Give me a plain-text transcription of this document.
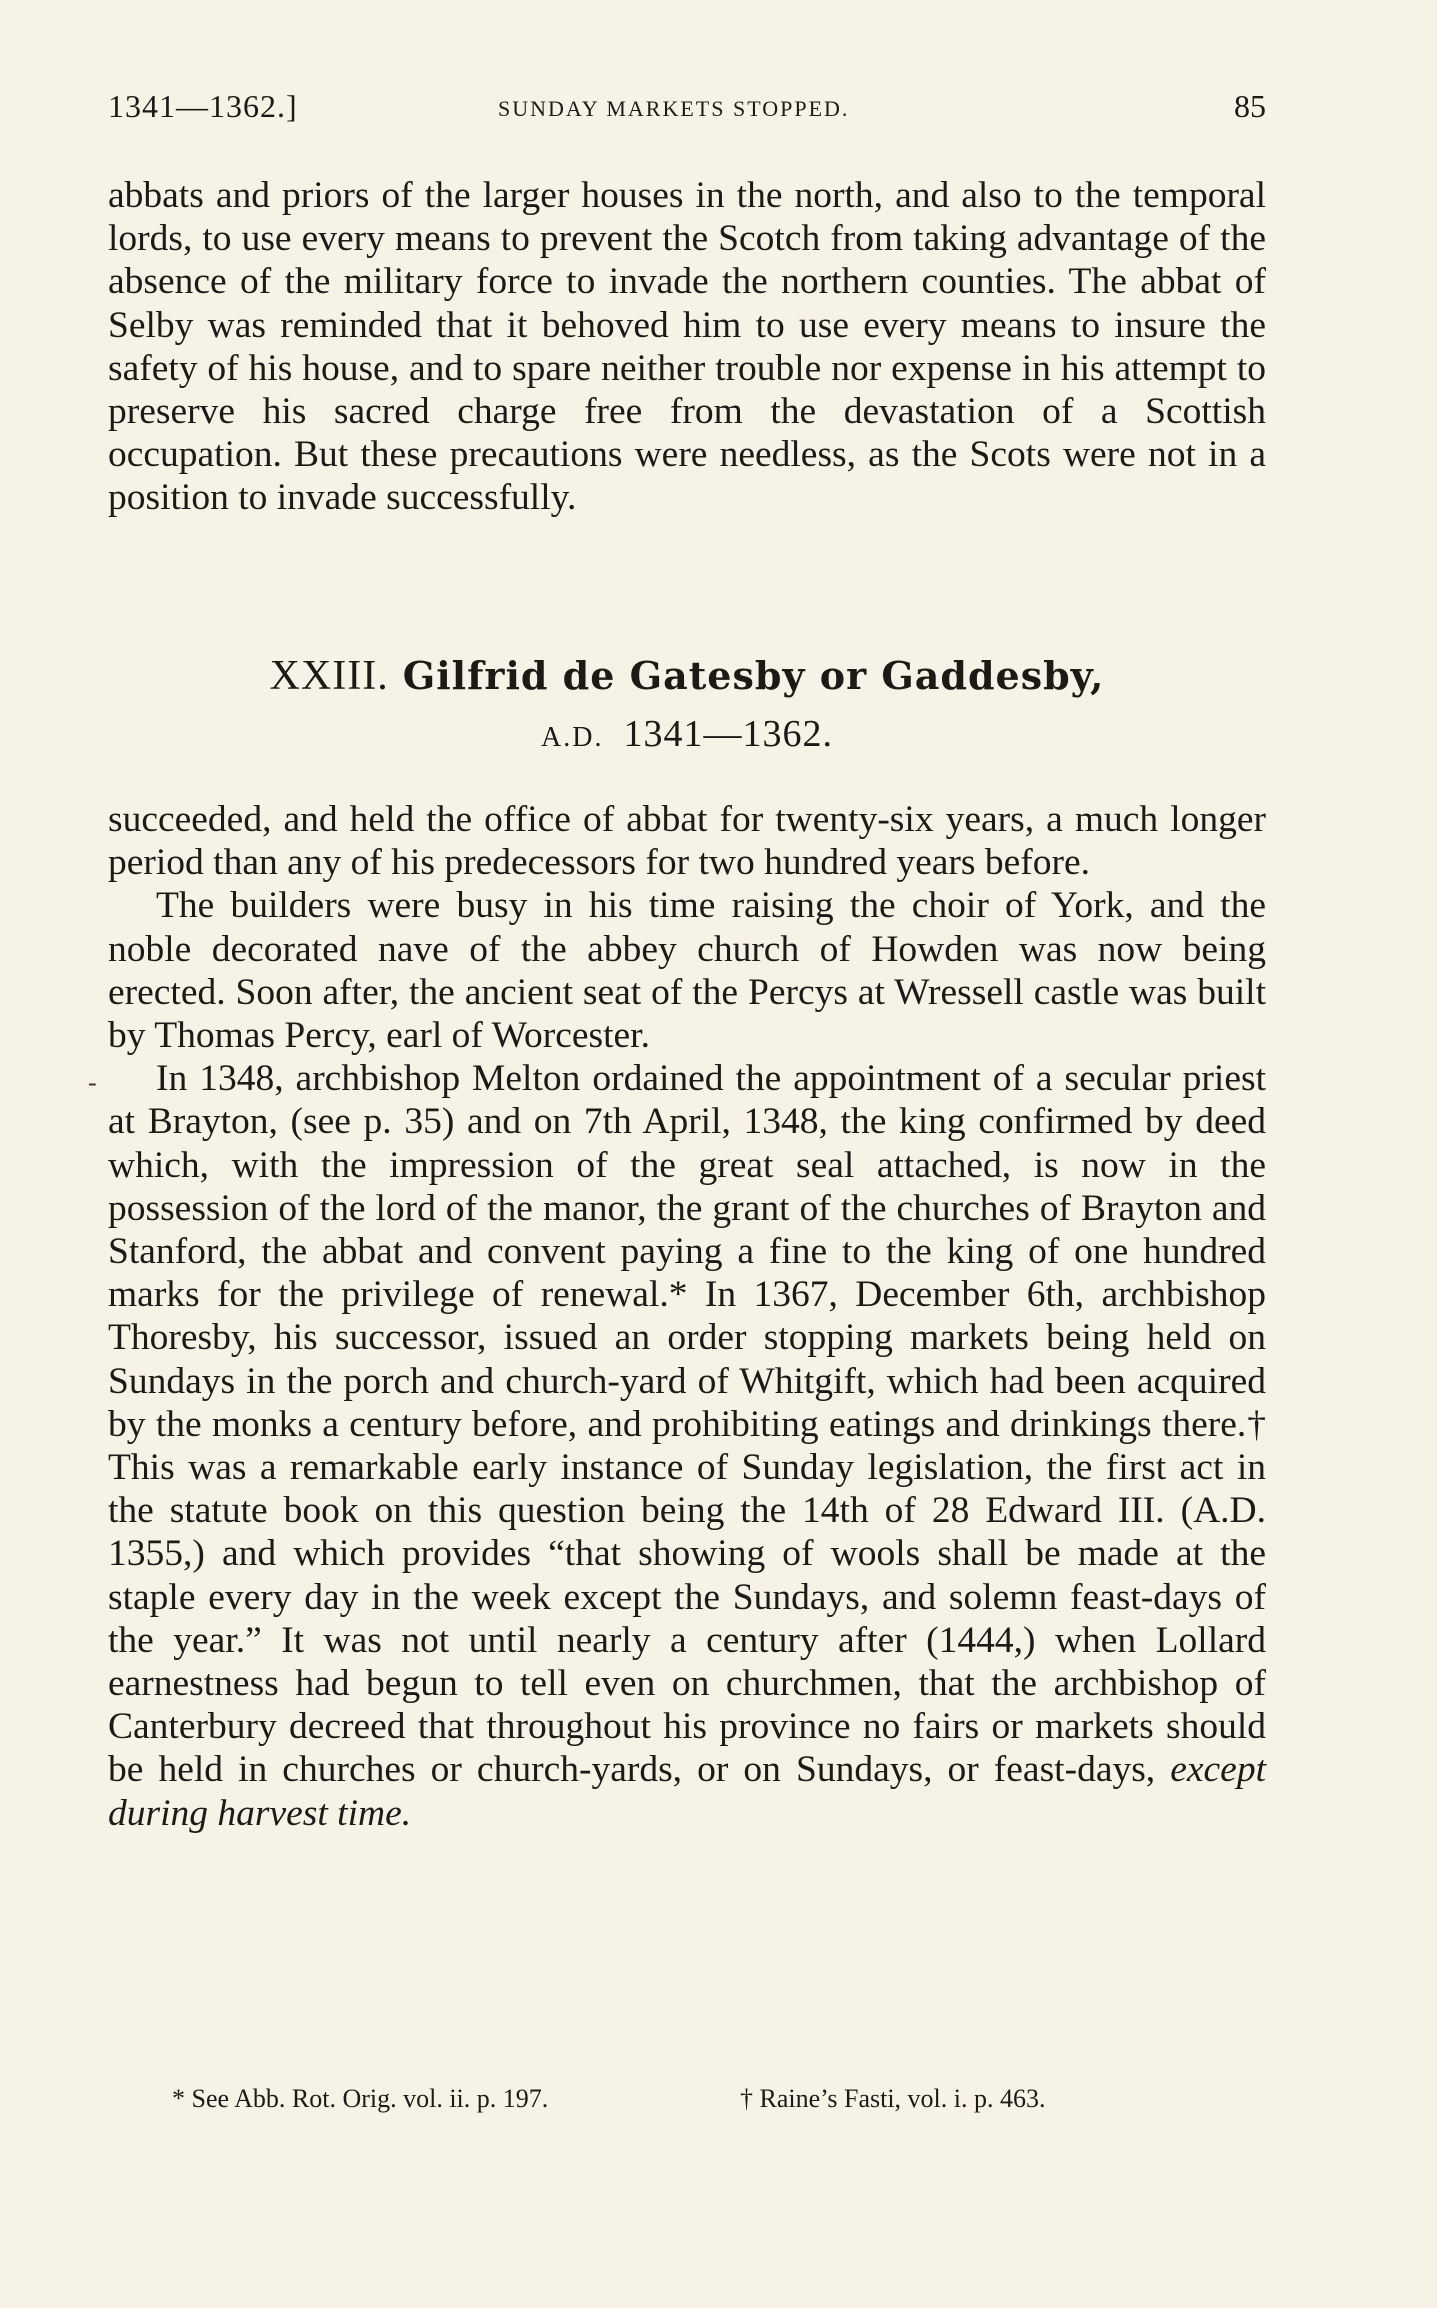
1341—1362.]	SUNDAY MARKETS STOPPED.	85

abbats and priors of the larger houses in the north, and also to the temporal lords, to use every means to prevent the Scotch from taking advantage of the absence of the military force to invade the northern counties. The abbat of Selby was reminded that it behoved him to use every means to insure the safety of his house, and to spare neither trouble nor expense in his attempt to preserve his sacred charge free from the devastation of a Scottish occupation. But these precautions were needless, as the Scots were not in a position to invade successfully.

XXIII. Gilfrid de Gatesby or Gaddesby,
A.D. 1341—1362.
-

succeeded, and held the office of abbat for twenty-six years, a much longer period than any of his predecessors for two hundred years before.

The builders were busy in his time raising the choir of York, and the noble decorated nave of the abbey church of Howden was now being erected. Soon after, the ancient seat of the Percys at Wressell castle was built by Thomas Percy, earl of Worcester.

In 1348, archbishop Melton ordained the appointment of a secular priest at Brayton, (see p. 35) and on 7th April, 1348, the king confirmed by deed which, with the impression of the great seal attached, is now in the possession of the lord of the manor, the grant of the churches of Brayton and Stanford, the abbat and convent paying a fine to the king of one hundred marks for the privilege of renewal.* In 1367, December 6th, archbishop Thoresby, his successor, issued an order stopping markets being held on Sundays in the porch and church-yard of Whitgift, which had been acquired by the monks a century before, and prohibiting eatings and drinkings there.† This was a remarkable early instance of Sunday legislation, the first act in the statute book on this question being the 14th of 28 Edward III. (A.D. 1355,) and which provides “that showing of wools shall be made at the staple every day in the week except the Sundays, and solemn feast-days of the year.” It was not until nearly a century after (1444,) when Lollard earnestness had begun to tell even on churchmen, that the archbishop of Canterbury decreed that throughout his province no fairs or markets should be held in churches or church-yards, or on Sundays, or feast-days, except during harvest time.

* See Abb. Rot. Orig. vol. ii. p. 197.	† Raine’s Fasti, vol. i. p. 463.
